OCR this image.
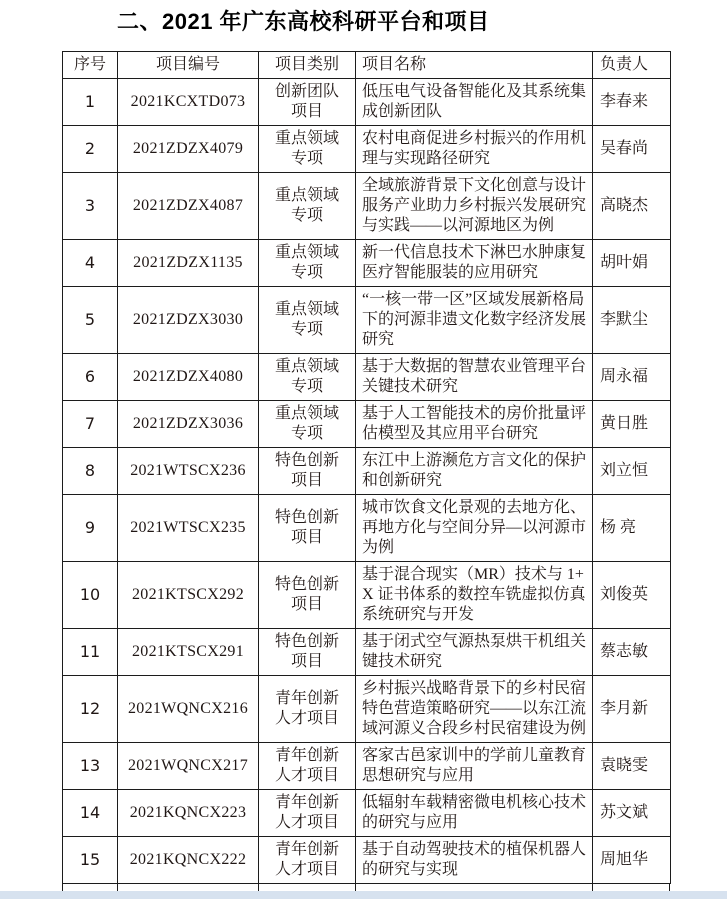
二、2021 年广东高校科研平台和项目
序号	项目编号	项目类别	项目名称	负责人
1	2021KCXTD073	创新团队项目	低压电气设备智能化及其系统集成创新团队	李春来
2	2021ZDZX4079	重点领域专项	农村电商促进乡村振兴的作用机理与实现路径研究	吴春尚
3	2021ZDZX4087	重点领域专项	全域旅游背景下文化创意与设计服务产业助力乡村振兴发展研究与实践——以河源地区为例	高晓杰
4	2021ZDZX1135	重点领域专项	新一代信息技术下淋巴水肿康复医疗智能服装的应用研究	胡叶娟
5	2021ZDZX3030	重点领域专项	“一核一带一区”区域发展新格局下的河源非遗文化数字经济发展研究	李默尘
6	2021ZDZX4080	重点领域专项	基于大数据的智慧农业管理平台关键技术研究	周永福
7	2021ZDZX3036	重点领域专项	基于人工智能技术的房价批量评估模型及其应用平台研究	黄日胜
8	2021WTSCX236	特色创新项目	东江中上游濒危方言文化的保护和创新研究	刘立恒
9	2021WTSCX235	特色创新项目	城市饮食文化景观的去地方化、再地方化与空间分异—以河源市为例	杨 亮
10	2021KTSCX292	特色创新项目	基于混合现实（MR）技术与 1+X 证书体系的数控车铣虚拟仿真系统研究与开发	刘俊英
11	2021KTSCX291	特色创新项目	基于闭式空气源热泵烘干机组关键技术研究	蔡志敏
12	2021WQNCX216	青年创新人才项目	乡村振兴战略背景下的乡村民宿特色营造策略研究——以东江流域河源义合段乡村民宿建设为例	李月新
13	2021WQNCX217	青年创新人才项目	客家古邑家训中的学前儿童教育思想研究与应用	袁晓雯
14	2021KQNCX223	青年创新人才项目	低辐射车载精密微电机核心技术的研究与应用	苏文斌
15	2021KQNCX222	青年创新人才项目	基于自动驾驶技术的植保机器人的研究与实现	周旭华
